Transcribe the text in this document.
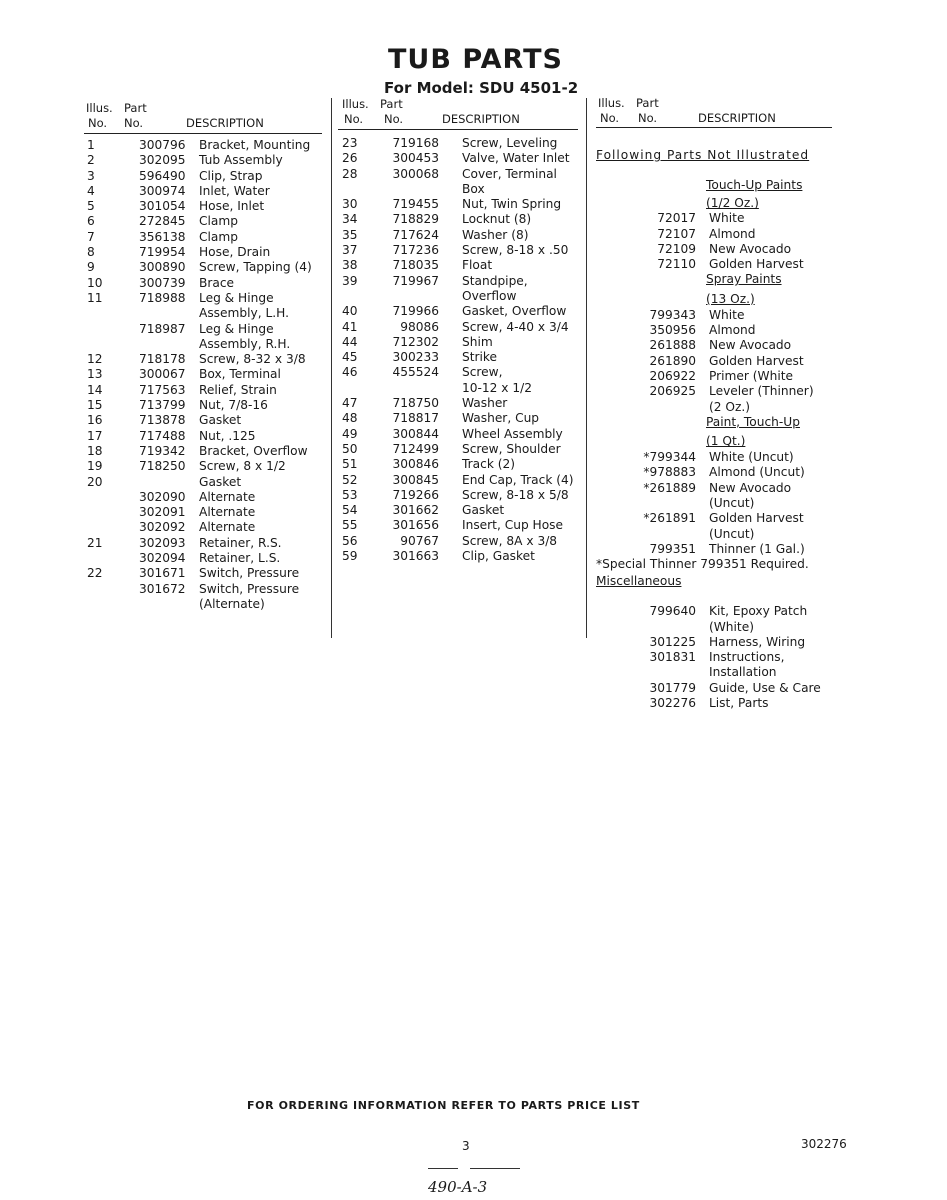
TUB PARTS
For Model: SDU 4501-2
Illus. Part
No. No.	DESCRIPTION
Illus. Part
No. No.	DESCRIPTION
Illus. Part
No. No.	DESCRIPTION
1	300796 Bracket, Mounting
2	302095 Tub Assembly
3	596490 Clip, Strap
4	300974 Inlet, Water
5	301054 Hose, Inlet
6	272845 Clamp
7	356138 Clamp
8	719954 Hose, Drain
9	300890 Screw, Tapping (4)
10	300739 Brace
11	718988 Leg & Hinge
Assembly, L.H.
718987 Leg & Hinge
Assembly, R.H.
12	718178 Screw, 8-32 x 3/8
13	300067 Box, Terminal
14	717563 Relief, Strain
15	713799 Nut, 7/8-16
16	713878 Gasket
17	717488 Nut, .125
18	719342 Bracket, Overflow
19	718250 Screw, 8 x 1/2
20	Gasket
302090 Alternate
302091 Alternate
302092 Alternate
21	302093 Retainer, R.S.
302094 Retainer, L.S.
22	301671 Switch, Pressure
301672 Switch, Pressure
(Alternate)
23	719168 Screw, Leveling
26	300453 Valve, Water Inlet
28	300068 Cover, Terminal
Box
30	719455 Nut, Twin Spring
34	718829 Locknut (8)
35	717624 Washer (8)
37	717236 Screw, 8-18 x .50
38	718035 Float
39	719967 Standpipe,
Overflow
40	719966 Gasket, Overflow
41	98086 Screw, 4-40 x 3/4
44	712302 Shim
45	300233 Strike
46	455524 Screw,
10-12 x 1/2
47	718750 Washer
48	718817 Washer, Cup
49	300844 Wheel Assembly
50	712499 Screw, Shoulder
51	300846 Track (2)
52	300845 End Cap, Track (4)
53	719266 Screw, 8-18 x 5/8
54	301662 Gasket
55	301656 Insert, Cup Hose
56	90767 Screw, 8A x 3/8
59	301663 Clip, Gasket
Following Parts Not Illustrated
Touch-Up Paints
(1/2 Oz.)
72017 White
72107 Almond
72109 New Avocado
72110 Golden Harvest
Spray Paints
(13 Oz.)
799343 White
350956 Almond
261888 New Avocado
261890 Golden Harvest
206922 Primer (White
206925 Leveler (Thinner)
(2 Oz.)
Paint, Touch-Up
(1 Qt.)
*799344 White (Uncut)
*978883 Almond (Uncut)
*261889 New Avocado
(Uncut)
*261891 Golden Harvest
(Uncut)
799351 Thinner (1 Gal.)
*Special Thinner 799351 Required.
Miscellaneous
799640 Kit, Epoxy Patch
(White)
301225 Harness, Wiring
301831 Instructions,
Installation
301779 Guide, Use & Care
302276 List, Parts
FOR ORDERING INFORMATION REFER TO PARTS PRICE LIST
3	302276
490-A-3
